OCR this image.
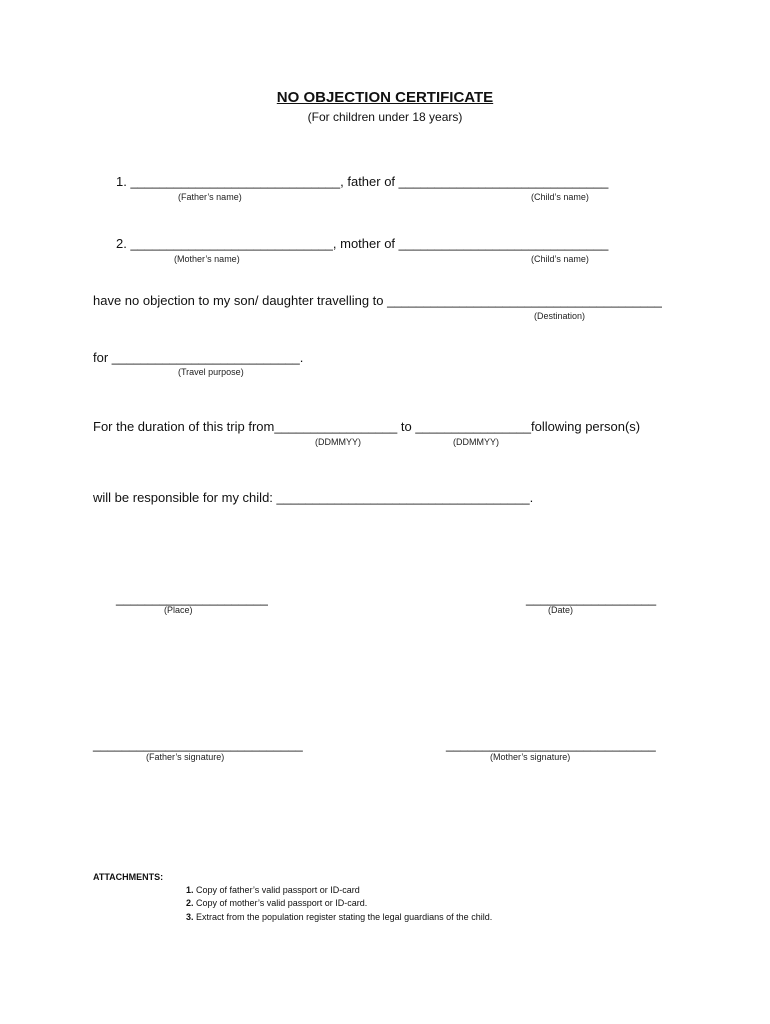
NO OBJECTION CERTIFICATE
(For children under 18 years)
1. _____________________________, father of _____________________________
(Father’s name)	(Child’s name)
2. ____________________________, mother of _____________________________
(Mother’s name)	(Child’s name)
have no objection to my son/ daughter travelling to ______________________________________
(Destination)
for __________________________.
(Travel purpose)
For the duration of this trip from_________________ to ________________following person(s)
(DDMMYY)	(DDMMYY)
will be responsible for my child: ___________________________________.
_____________________
(Place)
__________________
(Date)
_____________________________
(Father’s signature)
_____________________________
(Mother’s signature)
ATTACHMENTS:
1. Copy of father’s valid passport or ID-card
2. Copy of mother’s valid passport or ID-card.
3. Extract from the population register stating the legal guardians of the child.
